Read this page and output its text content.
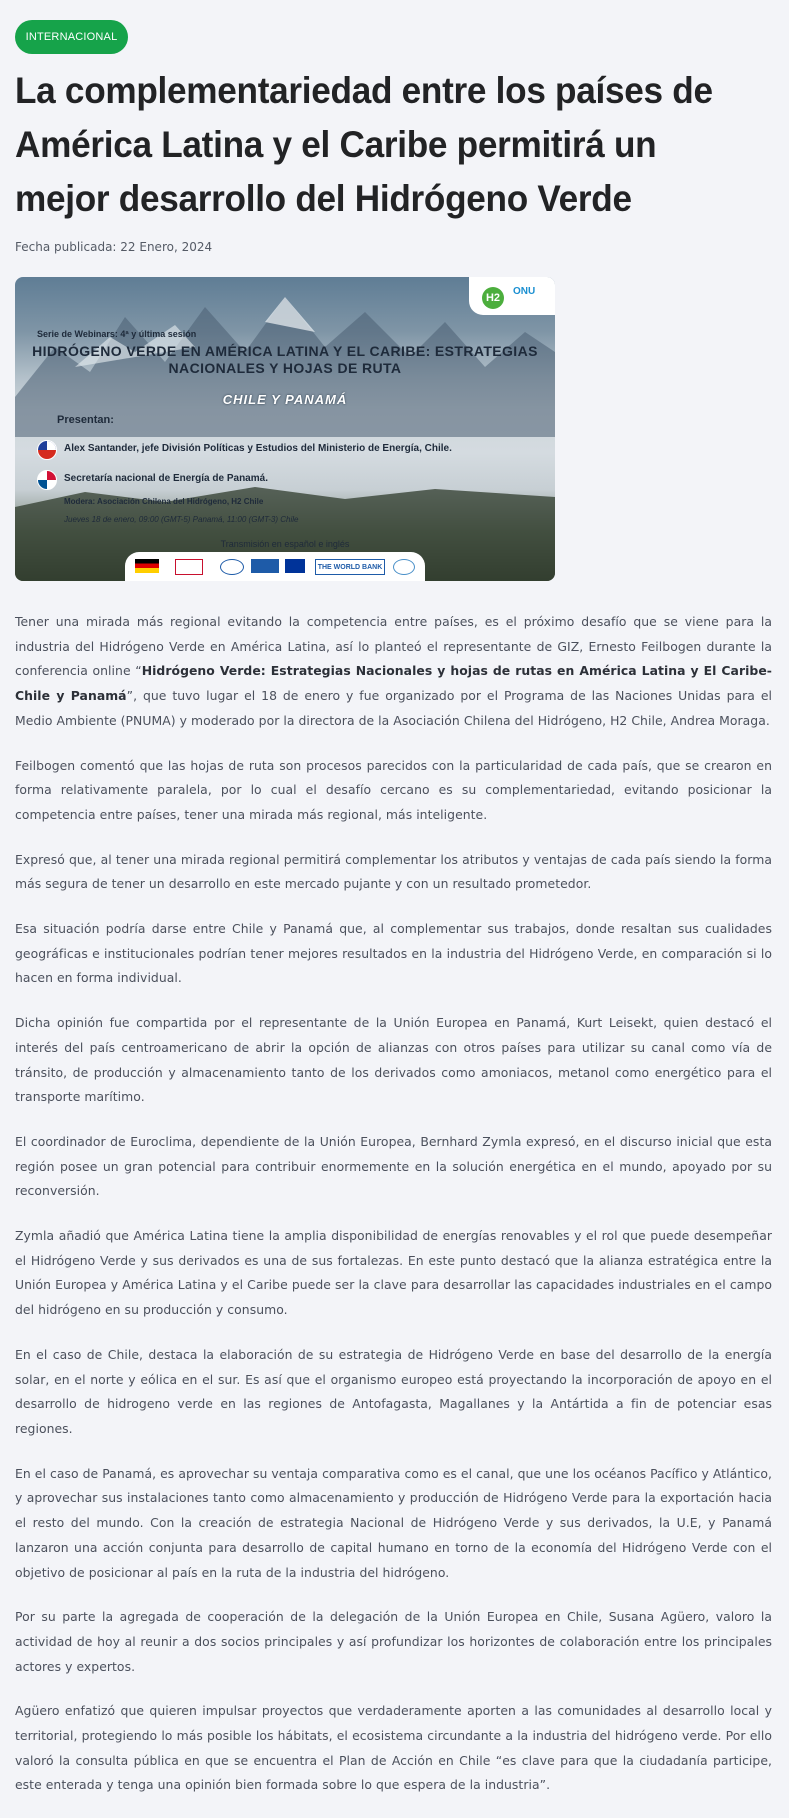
INTERNACIONAL
La complementariedad entre los países de América Latina y el Caribe permitirá un mejor desarrollo del Hidrógeno Verde
Fecha publicada: 22 Enero, 2024
H2
ONU
Serie de Webinars: 4ª y última sesión
HIDRÓGENO VERDE EN AMÉRICA LATINA Y EL CARIBE: ESTRATEGIAS NACIONALES Y HOJAS DE RUTA
CHILE Y PANAMÁ
Presentan:
Alex Santander, jefe División Políticas y Estudios del Ministerio de Energía, Chile.
Secretaría nacional de Energía de Panamá.
Modera: Asociación Chilena del Hidrógeno, H2 Chile
Jueves 18 de enero, 09:00 (GMT-5) Panamá, 11:00 (GMT-3) Chile
Transmisión en español e inglés
THE WORLD BANK

Tener una mirada más regional evitando la competencia entre países, es el próximo desafío que se viene para la industria del Hidrógeno Verde en América Latina, así lo planteó el representante de GIZ, Ernesto Feilbogen durante la conferencia online “Hidrógeno Verde: Estrategias Nacionales y hojas de rutas en América Latina y El Caribe- Chile y Panamá”, que tuvo lugar el 18 de enero y fue organizado por el Programa de las Naciones Unidas para el Medio Ambiente (PNUMA) y moderado por la directora de la Asociación Chilena del Hidrógeno, H2 Chile, Andrea Moraga.

Feilbogen comentó que las hojas de ruta son procesos parecidos con la particularidad de cada país, que se crearon en forma relativamente paralela, por lo cual el desafío cercano es su complementariedad, evitando posicionar la competencia entre países, tener una mirada más regional, más inteligente.

Expresó que, al tener una mirada regional permitirá complementar los atributos y ventajas de cada país siendo la forma más segura de tener un desarrollo en este mercado pujante y con un resultado prometedor.

Esa situación podría darse entre Chile y Panamá que, al complementar sus trabajos, donde resaltan sus cualidades geográficas e institucionales podrían tener mejores resultados en la industria del Hidrógeno Verde, en comparación si lo hacen en forma individual.

Dicha opinión fue compartida por el representante de la Unión Europea en Panamá, Kurt Leisekt, quien destacó el interés del país centroamericano de abrir la opción de alianzas con otros países para utilizar su canal como vía de tránsito, de producción y almacenamiento tanto de los derivados como amoniacos, metanol como energético para el transporte marítimo.

El coordinador de Euroclima, dependiente de la Unión Europea, Bernhard Zymla expresó, en el discurso inicial que esta región posee un gran potencial para contribuir enormemente en la solución energética en el mundo, apoyado por su reconversión.

Zymla añadió que América Latina tiene la amplia disponibilidad de energías renovables y el rol que puede desempeñar el Hidrógeno Verde y sus derivados es una de sus fortalezas. En este punto destacó que la alianza estratégica entre la Unión Europea y América Latina y el Caribe puede ser la clave para desarrollar las capacidades industriales en el campo del hidrógeno en su producción y consumo.

En el caso de Chile, destaca la elaboración de su estrategia de Hidrógeno Verde en base del desarrollo de la energía solar, en el norte y eólica en el sur. Es así que el organismo europeo está proyectando la incorporación de apoyo en el desarrollo de hidrogeno verde en las regiones de Antofagasta, Magallanes y la Antártida a fin de potenciar esas regiones.

En el caso de Panamá, es aprovechar su ventaja comparativa como es el canal, que une los océanos Pacífico y Atlántico, y aprovechar sus instalaciones tanto como almacenamiento y producción de Hidrógeno Verde para la exportación hacia el resto del mundo. Con la creación de estrategia Nacional de Hidrógeno Verde y sus derivados, la U.E, y Panamá lanzaron una acción conjunta para desarrollo de capital humano en torno de la economía del Hidrógeno Verde con el objetivo de posicionar al país en la ruta de la industria del hidrógeno.

Por su parte la agregada de cooperación de la delegación de la Unión Europea en Chile, Susana Agüero, valoro la actividad de hoy al reunir a dos socios principales y así profundizar los horizontes de colaboración entre los principales actores y expertos.

Agüero enfatizó que quieren impulsar proyectos que verdaderamente aporten a las comunidades al desarrollo local y territorial, protegiendo lo más posible los hábitats, el ecosistema circundante a la industria del hidrógeno verde. Por ello valoró la consulta pública en que se encuentra el Plan de Acción en Chile “es clave para que la ciudadanía participe, este enterada y tenga una opinión bien formada sobre lo que espera de la industria”.
